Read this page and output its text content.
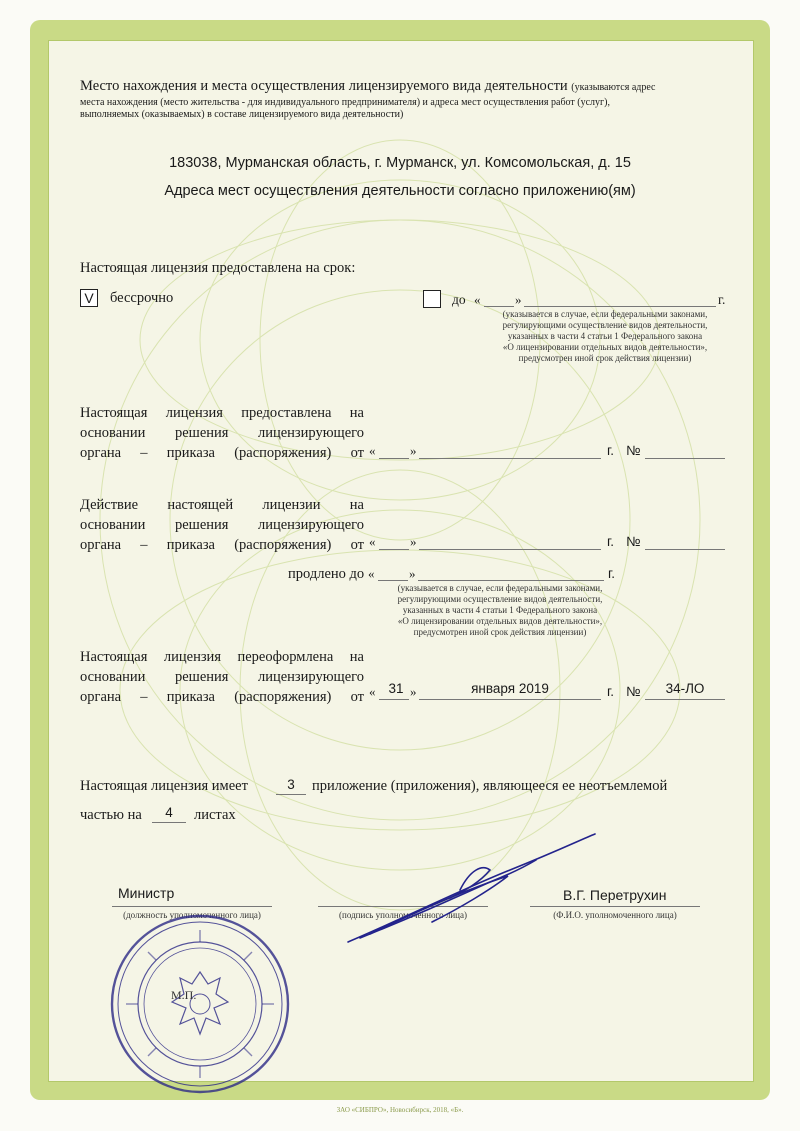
Место нахождения и места осуществления лицензируемого вида деятельности (указываются адрес
места нахождения (место жительства - для индивидуального предпринимателя) и адреса мест осуществления работ (услуг),
выполняемых (оказываемых) в составе лицензируемого вида деятельности)
183038, Мурманская область, г. Мурманск, ул. Комсомольская, д. 15
Адреса мест осуществления деятельности согласно приложению(ям)
Настоящая лицензия предоставлена на срок:
V бессрочно	до «	»	г.
(указывается в случае, если федеральными законами,
регулирующими осуществление видов деятельности,
указанных в части 4 статьи 1 Федерального закона
«О лицензировании отдельных видов деятельности»,
предусмотрен иной срок действия лицензии)
Настоящая лицензия предоставлена на
основании решения лицензирующего
органа – приказа (распоряжения) от «	»	г. №
Действие настоящей лицензии на
основании решения лицензирующего
органа – приказа (распоряжения) от «	»	г. №
продлено до «	»	г.
(указывается в случае, если федеральными законами,
регулирующими осуществление видов деятельности,
указанных в части 4 статьи 1 Федерального закона
«О лицензировании отдельных видов деятельности»,
предусмотрен иной срок действия лицензии)
Настоящая лицензия переоформлена на
основании решения лицензирующего
органа – приказа (распоряжения) от « 31 »	января 2019	г. №	34-ЛО
Настоящая лицензия имеет	3	приложение (приложения), являющееся ее неотъемлемой
частью на	4	листах
Министр
(должность уполномоченного лица)	(подпись уполномоченного лица)
В.Г. Перетрухин
(Ф.И.О. уполномоченного лица)
М.П.
ЗАО «СИБПРО», Новосибирск, 2018, «Б».
